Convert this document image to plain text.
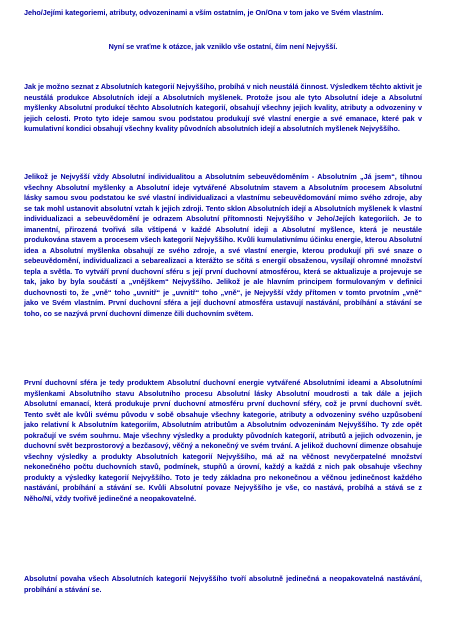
Jeho/Jejími kategoriemi, atributy, odvozeninami a vším ostatním, je On/Ona v tom jako ve Svém vlastním.

Nyní se vraťme k otázce, jak vzniklo vše ostatní, čím není Nejvyšší.

Jak je možno seznat z Absolutních kategorií Nejvyššího, probíhá v nich neustálá činnost. Výsledkem těchto aktivit je neustálá produkce Absolutních idejí a Absolutních myšlenek. Protože jsou ale tyto Absolutní ideje a Absolutní myšlenky Absolutní produkcí těchto Absolutních kategorií, obsahují všechny jejich kvality, atributy a odvozeniny v jejich celosti. Proto tyto ideje samou svou podstatou produkují své vlastní energie a své emanace, které pak v kumulativní kondici obsahují všechny kvality původních absolutních idejí a absolutních myšlenek Nejvyššího.

Jelikož je Nejvyšší vždy Absolutní individualitou a Absolutním sebeuvědoměním - Absolutním „Já jsem“, tíhnou všechny Absolutní myšlenky a Absolutní ideje vytvářené Absolutním stavem a Absolutním procesem Absolutní lásky samou svou podstatou ke své vlastní individualizaci a vlastnímu sebeuvědomování mimo svého zdroje, aby se tak mohl ustanovit absolutní vztah k jejich zdroji. Tento sklon Absolutních idejí a Absolutních myšlenek k vlastní individualizaci a sebeuvědomění je odrazem Absolutní přítomnosti Nejvyššího v Jeho/Jejích kategoriích. Je to imanentní, přirozená tvořivá síla vštípená v každé Absolutní ideji a Absolutní myšlence, která je neustále produkována stavem a procesem všech kategorií Nejvyššího. Kvůli kumulativnímu účinku energie, kterou Absolutní idea a Absolutní myšlenka obsahují ze svého zdroje, a své vlastní energie, kterou produkují při své snaze o sebeuvědomění, individualizaci a sebarealizaci a kterážto se sčítá s energií obsaženou, vysílají ohromné množství tepla a světla. To vytváří první duchovní sféru s její první duchovní atmosférou, která se aktualizuje a projevuje se tak, jako by byla součástí a „vnějškem“ Nejvyššího. Jelikož je ale hlavním principem formulovaným v definici duchovnosti to, že „vně“ toho „uvnitř“ je „uvnitř“ toho „vně“, je Nejvyšší vždy přítomen v tomto prvotním „vně“ jako ve Svém vlastním. První duchovní sféra a její duchovní atmosféra ustavují nastávání, probíhání a stávání se toho, co se nazývá první duchovní dimenze čili duchovním světem.

První duchovní sféra je tedy produktem Absolutní duchovní energie vytvářené Absolutními ideami a Absolutními myšlenkami Absolutního stavu Absolutního procesu Absolutní lásky Absolutní moudrosti a tak dále a jejich Absolutní emanací, která produkuje první duchovní atmosféru první duchovní sféry, což je první duchovní svět. Tento svět ale kvůli svému původu v sobě obsahuje všechny kategorie, atributy a odvozeniny svého uzpůsobení jako relativní k Absolutním kategoriím, Absolutním atributům a Absolutním odvozeninám Nejvyššího. Ty zde opět pokračují ve svém souhrnu. Maje všechny výsledky a produkty původních kategorií, atributů a jejich odvozenin, je duchovní svět bezprostorový a bezčasový, věčný a nekonečný ve svém trvání. A jelikož duchovní dimenze obsahuje všechny výsledky a produkty Absolutních kategorií Nejvyššího, má až na věčnost nevyčerpatelné množství nekonečného počtu duchovních stavů, podmínek, stupňů a úrovní, každý a každá z nich pak obsahuje všechny produkty a výsledky kategorií Nejvyššího. Toto je tedy základna pro nekonečnou a věčnou jedinečnost každého nastávání, probíhání a stávání se. Kvůli Absolutní povaze Nejvyššího je vše, co nastává, probíhá a stává se z Něho/Ní, vždy tvořivě jedinečné a neopakovatelné.

Absolutní povaha všech Absolutních kategorií Nejvyššího tvoří absolutně jedinečná a neopakovatelná nastávání, probíhání a stávání se.
